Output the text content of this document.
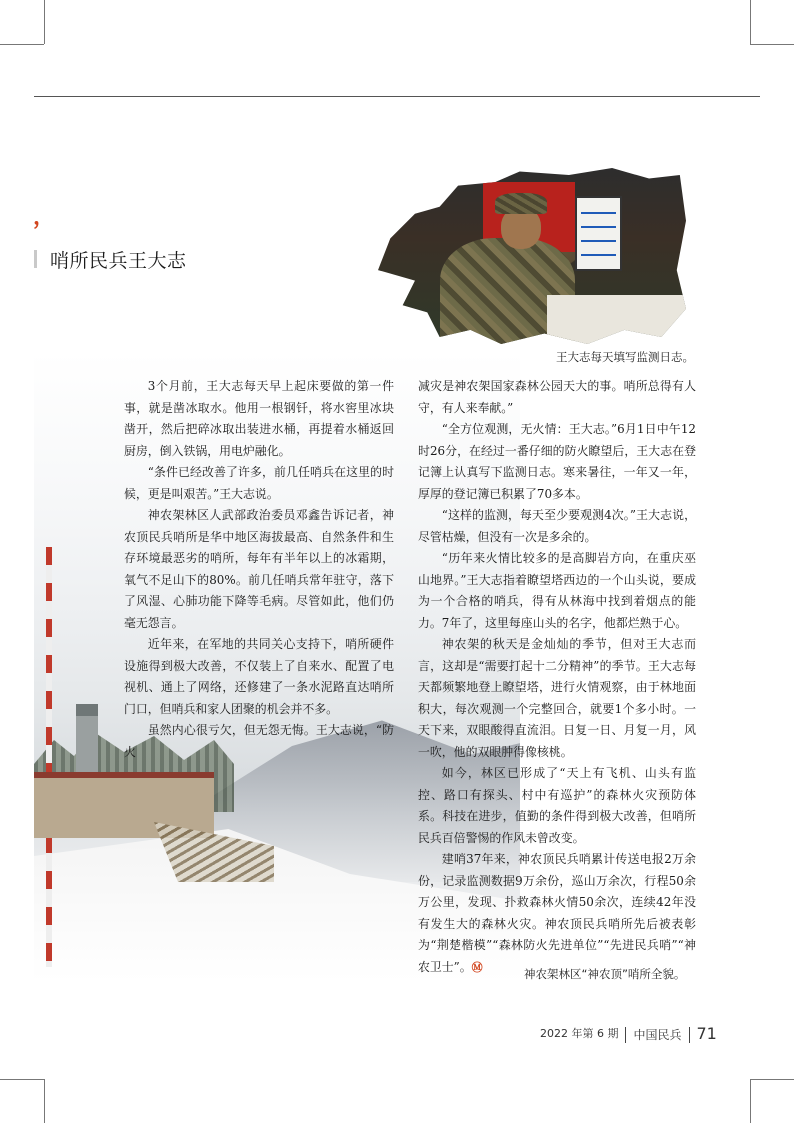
，
哨所民兵王大志
王大志每天填写监测日志。
神农架林区“神农顶”哨所全貌。

3个月前，王大志每天早上起床要做的第一件事，就是凿冰取水。他用一根钢钎，将水窖里冰块凿开，然后把碎冰取出装进水桶，再提着水桶返回厨房，倒入铁锅，用电炉融化。

“条件已经改善了许多，前几任哨兵在这里的时候，更是叫艰苦。”王大志说。

神农架林区人武部政治委员邓鑫告诉记者，神农顶民兵哨所是华中地区海拔最高、自然条件和生存环境最恶劣的哨所，每年有半年以上的冰霜期，氧气不足山下的80%。前几任哨兵常年驻守，落下了风湿、心肺功能下降等毛病。尽管如此，他们仍毫无怨言。

近年来，在军地的共同关心支持下，哨所硬件设施得到极大改善，不仅装上了自来水、配置了电视机、通上了网络，还修建了一条水泥路直达哨所门口，但哨兵和家人团聚的机会并不多。

虽然内心很亏欠，但无怨无悔。王大志说，“防火

减灾是神农架国家森林公园天大的事。哨所总得有人守，有人来奉献。”

“全方位观测，无火情：王大志。”6月1日中午12时26分，在经过一番仔细的防火瞭望后，王大志在登记簿上认真写下监测日志。寒来暑往，一年又一年，厚厚的登记簿已积累了70多本。

“这样的监测，每天至少要观测4次。”王大志说，尽管枯燥，但没有一次是多余的。

“历年来火情比较多的是高脚岩方向，在重庆巫山地界。”王大志指着瞭望塔西边的一个山头说，要成为一个合格的哨兵，得有从林海中找到着烟点的能力。7年了，这里每座山头的名字，他都烂熟于心。

神农架的秋天是金灿灿的季节，但对王大志而言，这却是“需要打起十二分精神”的季节。王大志每天都频繁地登上瞭望塔，进行火情观察，由于林地面积大，每次观测一个完整回合，就要1个多小时。一天下来，双眼酸得直流泪。日复一日、月复一月，风一吹，他的双眼肿得像核桃。

如今，林区已形成了“天上有飞机、山头有监控、路口有探头、村中有巡护”的森林火灾预防体系。科技在进步，值勤的条件得到极大改善，但哨所民兵百倍警惕的作风未曾改变。

建哨37年来，神农顶民兵哨累计传送电报2万余份，记录监测数据9万余份，巡山万余次，行程50余万公里，发现、扑救森林火情50余次，连续42年没有发生大的森林火灾。神农顶民兵哨所先后被表彰为“荆楚楷模”“森林防火先进单位”“先进民兵哨”“神农卫士”。Ⓜ

2022 年第 6 期 中国民兵 71
